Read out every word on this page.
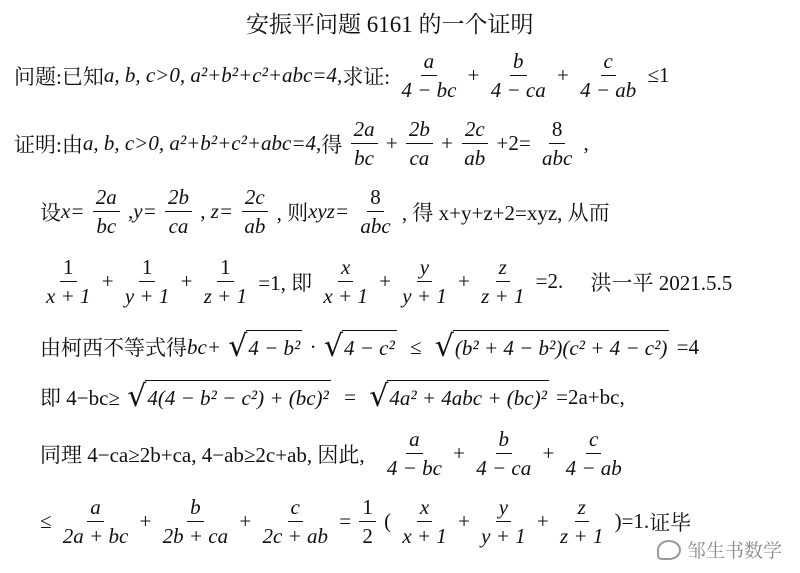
安振平问题 6161 的一个证明
问题:已知a, b, c>0, a²+b²+c²+abc=4,求证: $\frac{a}{4 - bc} + \frac{b}{4 - ca} + \frac{c}{4 - ab} \le 1$
证明:由a, b, c>0, a²+b²+c²+abc=4,得 $\frac{2a}{bc} + \frac{2b}{ca} + \frac{2c}{ab} +2= \frac{8}{\text{abc}}$ ,
设$x= \frac{2a}{bc} ,y= \frac{2b}{ca}$ , $z= \frac{2c}{ab}$ , 则$xyz= \frac{8}{\text{abc}}$ , 得 x+y+z+2=xyz, 从而
$\frac{1}{x + 1} + \frac{1}{y + 1} + \frac{1}{z + 1} =1$, 即 $\frac{x}{x + 1} + \frac{y}{y + 1} + \frac{z}{z + 1} =2$. 洪一平 2021.5.5
由柯西不等式得bc+ √ 4 − b² · √ 4 − c² ≤ √ (b² + 4 − b²)(c² + 4 − c²) =4
即 4−bc≥ √ 4(4 − b² − c²) + (bc)² = √ 4a² + 4abc + (bc)² =2a+bc,
同理 4−ca≥2b+ca, 4−ab≥2c+ab, 因此, $\frac{a}{4 - bc} + \frac{b}{4 - ca} + \frac{c}{4 - ab}$
≤ $\frac{a}{2a + bc} + \frac{b}{2b + ca} + \frac{c}{2c + ab} = \frac{1}{2}$ ( $\frac{x}{x + 1} + \frac{y}{y + 1} + \frac{z}{z + 1} )=1$.证毕
邹生书数学
